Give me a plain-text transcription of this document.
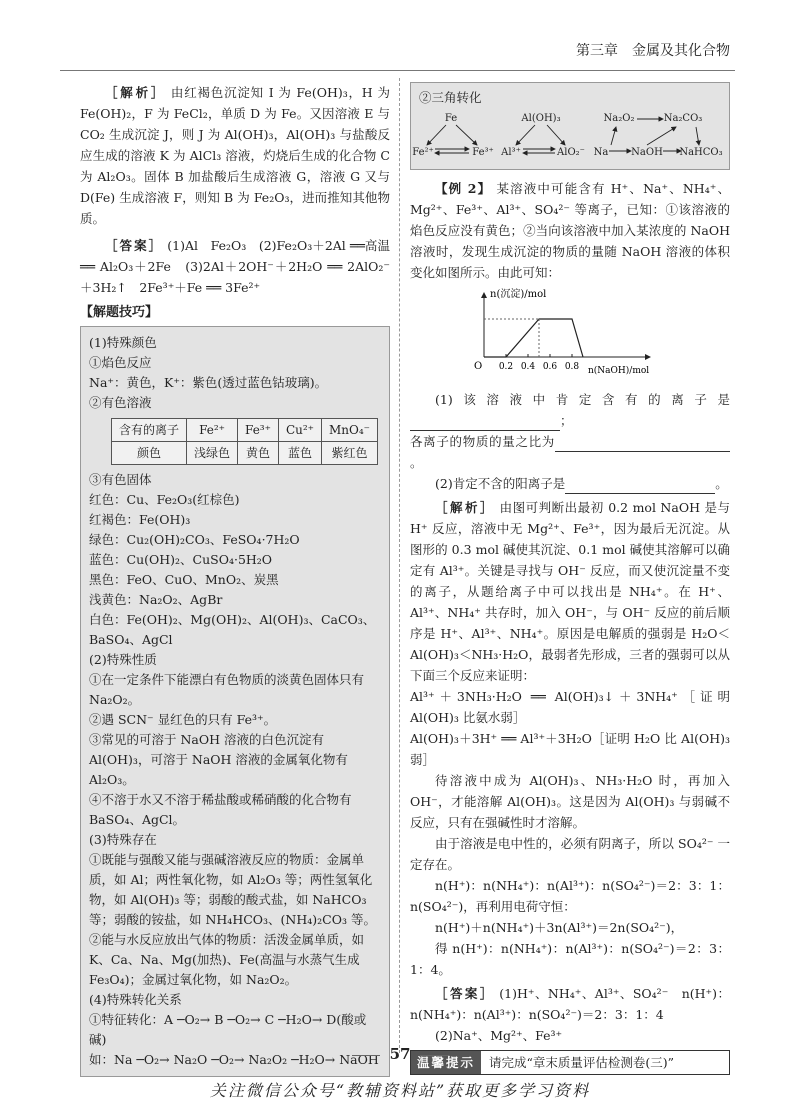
第三章　金属及其化合物

［解析］ 由红褐色沉淀知 I 为 Fe(OH)₃，H 为 Fe(OH)₂，F 为 FeCl₂，单质 D 为 Fe。又因溶液 E 与 CO₂ 生成沉淀 J，则 J 为 Al(OH)₃，Al(OH)₃ 与盐酸反应生成的溶液 K 为 AlCl₃ 溶液，灼烧后生成的化合物 C 为 Al₂O₃。固体 B 加盐酸后生成溶液 G，溶液 G 又与 D(Fe) 生成溶液 F，则知 B 为 Fe₂O₃，进而推知其他物质。

［答案］ (1)Al　Fe₂O₃　(2)Fe₂O₃＋2Al ══高温══ Al₂O₃＋2Fe　(3)2Al＋2OH⁻＋2H₂O ══ 2AlO₂⁻＋3H₂↑　2Fe³⁺＋Fe ══ 3Fe²⁺

【解题技巧】
(1)特殊颜色
①焰色反应
Na⁺：黄色，K⁺：紫色(透过蓝色钴玻璃)。
②有色溶液
含有的离子	Fe²⁺	Fe³⁺	Cu²⁺	MnO₄⁻
颜色	浅绿色	黄色	蓝色	紫红色
③有色固体
红色：Cu、Fe₂O₃(红棕色)
红褐色：Fe(OH)₃
绿色：Cu₂(OH)₂CO₃、FeSO₄·7H₂O
蓝色：Cu(OH)₂、CuSO₄·5H₂O
黑色：FeO、CuO、MnO₂、炭黑
浅黄色：Na₂O₂、AgBr
白色：Fe(OH)₂、Mg(OH)₂、Al(OH)₃、CaCO₃、BaSO₄、AgCl
(2)特殊性质
①在一定条件下能漂白有色物质的淡黄色固体只有 Na₂O₂。
②遇 SCN⁻ 显红色的只有 Fe³⁺。
③常见的可溶于 NaOH 溶液的白色沉淀有 Al(OH)₃，可溶于 NaOH 溶液的金属氧化物有 Al₂O₃。
④不溶于水又不溶于稀盐酸或稀硝酸的化合物有 BaSO₄、AgCl。
(3)特殊存在
①既能与强酸又能与强碱溶液反应的物质：金属单质，如 Al；两性氧化物，如 Al₂O₃ 等；两性氢氧化物，如 Al(OH)₃ 等；弱酸的酸式盐，如 NaHCO₃ 等；弱酸的铵盐，如 NH₄HCO₃、(NH₄)₂CO₃ 等。
②能与水反应放出气体的物质：活泼金属单质，如 K、Ca、Na、Mg(加热)、Fe(高温与水蒸气生成 Fe₃O₄)；金属过氧化物，如 Na₂O₂。
(4)特殊转化关系
①特征转化：A ─O₂→ B ─O₂→ C ─H₂O→ D(酸或碱)
如：Na ─O₂→ Na₂O ─O₂→ Na₂O₂ ─H₂O→ NaOH
②三角转化
Fe
Fe²⁺	Fe³⁺
Al(OH)₃
Al³⁺	AlO₂⁻
Na₂O₂	Na₂CO₃
Na NaOH NaHCO₃

【例 2】 某溶液中可能含有 H⁺、Na⁺、NH₄⁺、Mg²⁺、Fe³⁺、Al³⁺、SO₄²⁻ 等离子，已知：①该溶液的焰色反应没有黄色；②当向该溶液中加入某浓度的 NaOH 溶液时，发现生成沉淀的物质的量随 NaOH 溶液的体积变化如图所示。由此可知：

n(沉淀)/mol
n(NaOH)/mol
O 0.2 0.4 0.6 0.8

(1)该溶液中肯定含有的离子是；

各离子的物质的量之比为。

(2)肯定不含的阳离子是	。

［解析］ 由图可判断出最初 0.2 mol NaOH 是与 H⁺ 反应，溶液中无 Mg²⁺、Fe³⁺，因为最后无沉淀。从图形的 0.3 mol 碱使其沉淀、0.1 mol 碱使其溶解可以确定有 Al³⁺。关键是寻找与 OH⁻ 反应，而又使沉淀量不变的离子，从题给离子中可以找出是 NH₄⁺。在 H⁺、Al³⁺、NH₄⁺ 共存时，加入 OH⁻，与 OH⁻ 反应的前后顺序是 H⁺、Al³⁺、NH₄⁺。原因是电解质的强弱是 H₂O＜Al(OH)₃＜NH₃·H₂O，最弱者先形成，三者的强弱可以从下面三个反应来证明：

Al³⁺＋3NH₃·H₂O ══ Al(OH)₃↓＋3NH₄⁺［证明 Al(OH)₃ 比氨水弱］

Al(OH)₃＋3H⁺ ══ Al³⁺＋3H₂O［证明 H₂O 比 Al(OH)₃ 弱］

待溶液中成为 Al(OH)₃、NH₃·H₂O 时，再加入 OH⁻，才能溶解 Al(OH)₃。这是因为 Al(OH)₃ 与弱碱不反应，只有在强碱性时才溶解。

由于溶液是电中性的，必须有阴离子，所以 SO₄²⁻ 一定存在。

n(H⁺)：n(NH₄⁺)：n(Al³⁺)：n(SO₄²⁻)＝2：3：1：n(SO₄²⁻)，再利用电荷守恒：

n(H⁺)＋n(NH₄⁺)＋3n(Al³⁺)＝2n(SO₄²⁻)，

得 n(H⁺)：n(NH₄⁺)：n(Al³⁺)：n(SO₄²⁻)＝2：3：1：4。

［答案］ (1)H⁺、NH₄⁺、Al³⁺、SO₄²⁻　n(H⁺)：n(NH₄⁺)：n(Al³⁺)：n(SO₄²⁻)＝2：3：1：4

(2)Na⁺、Mg²⁺、Fe³⁺

温馨提示	请完成“章末质量评估检测卷(三)”
57
关注微信公众号“教辅资料站”获取更多学习资料
